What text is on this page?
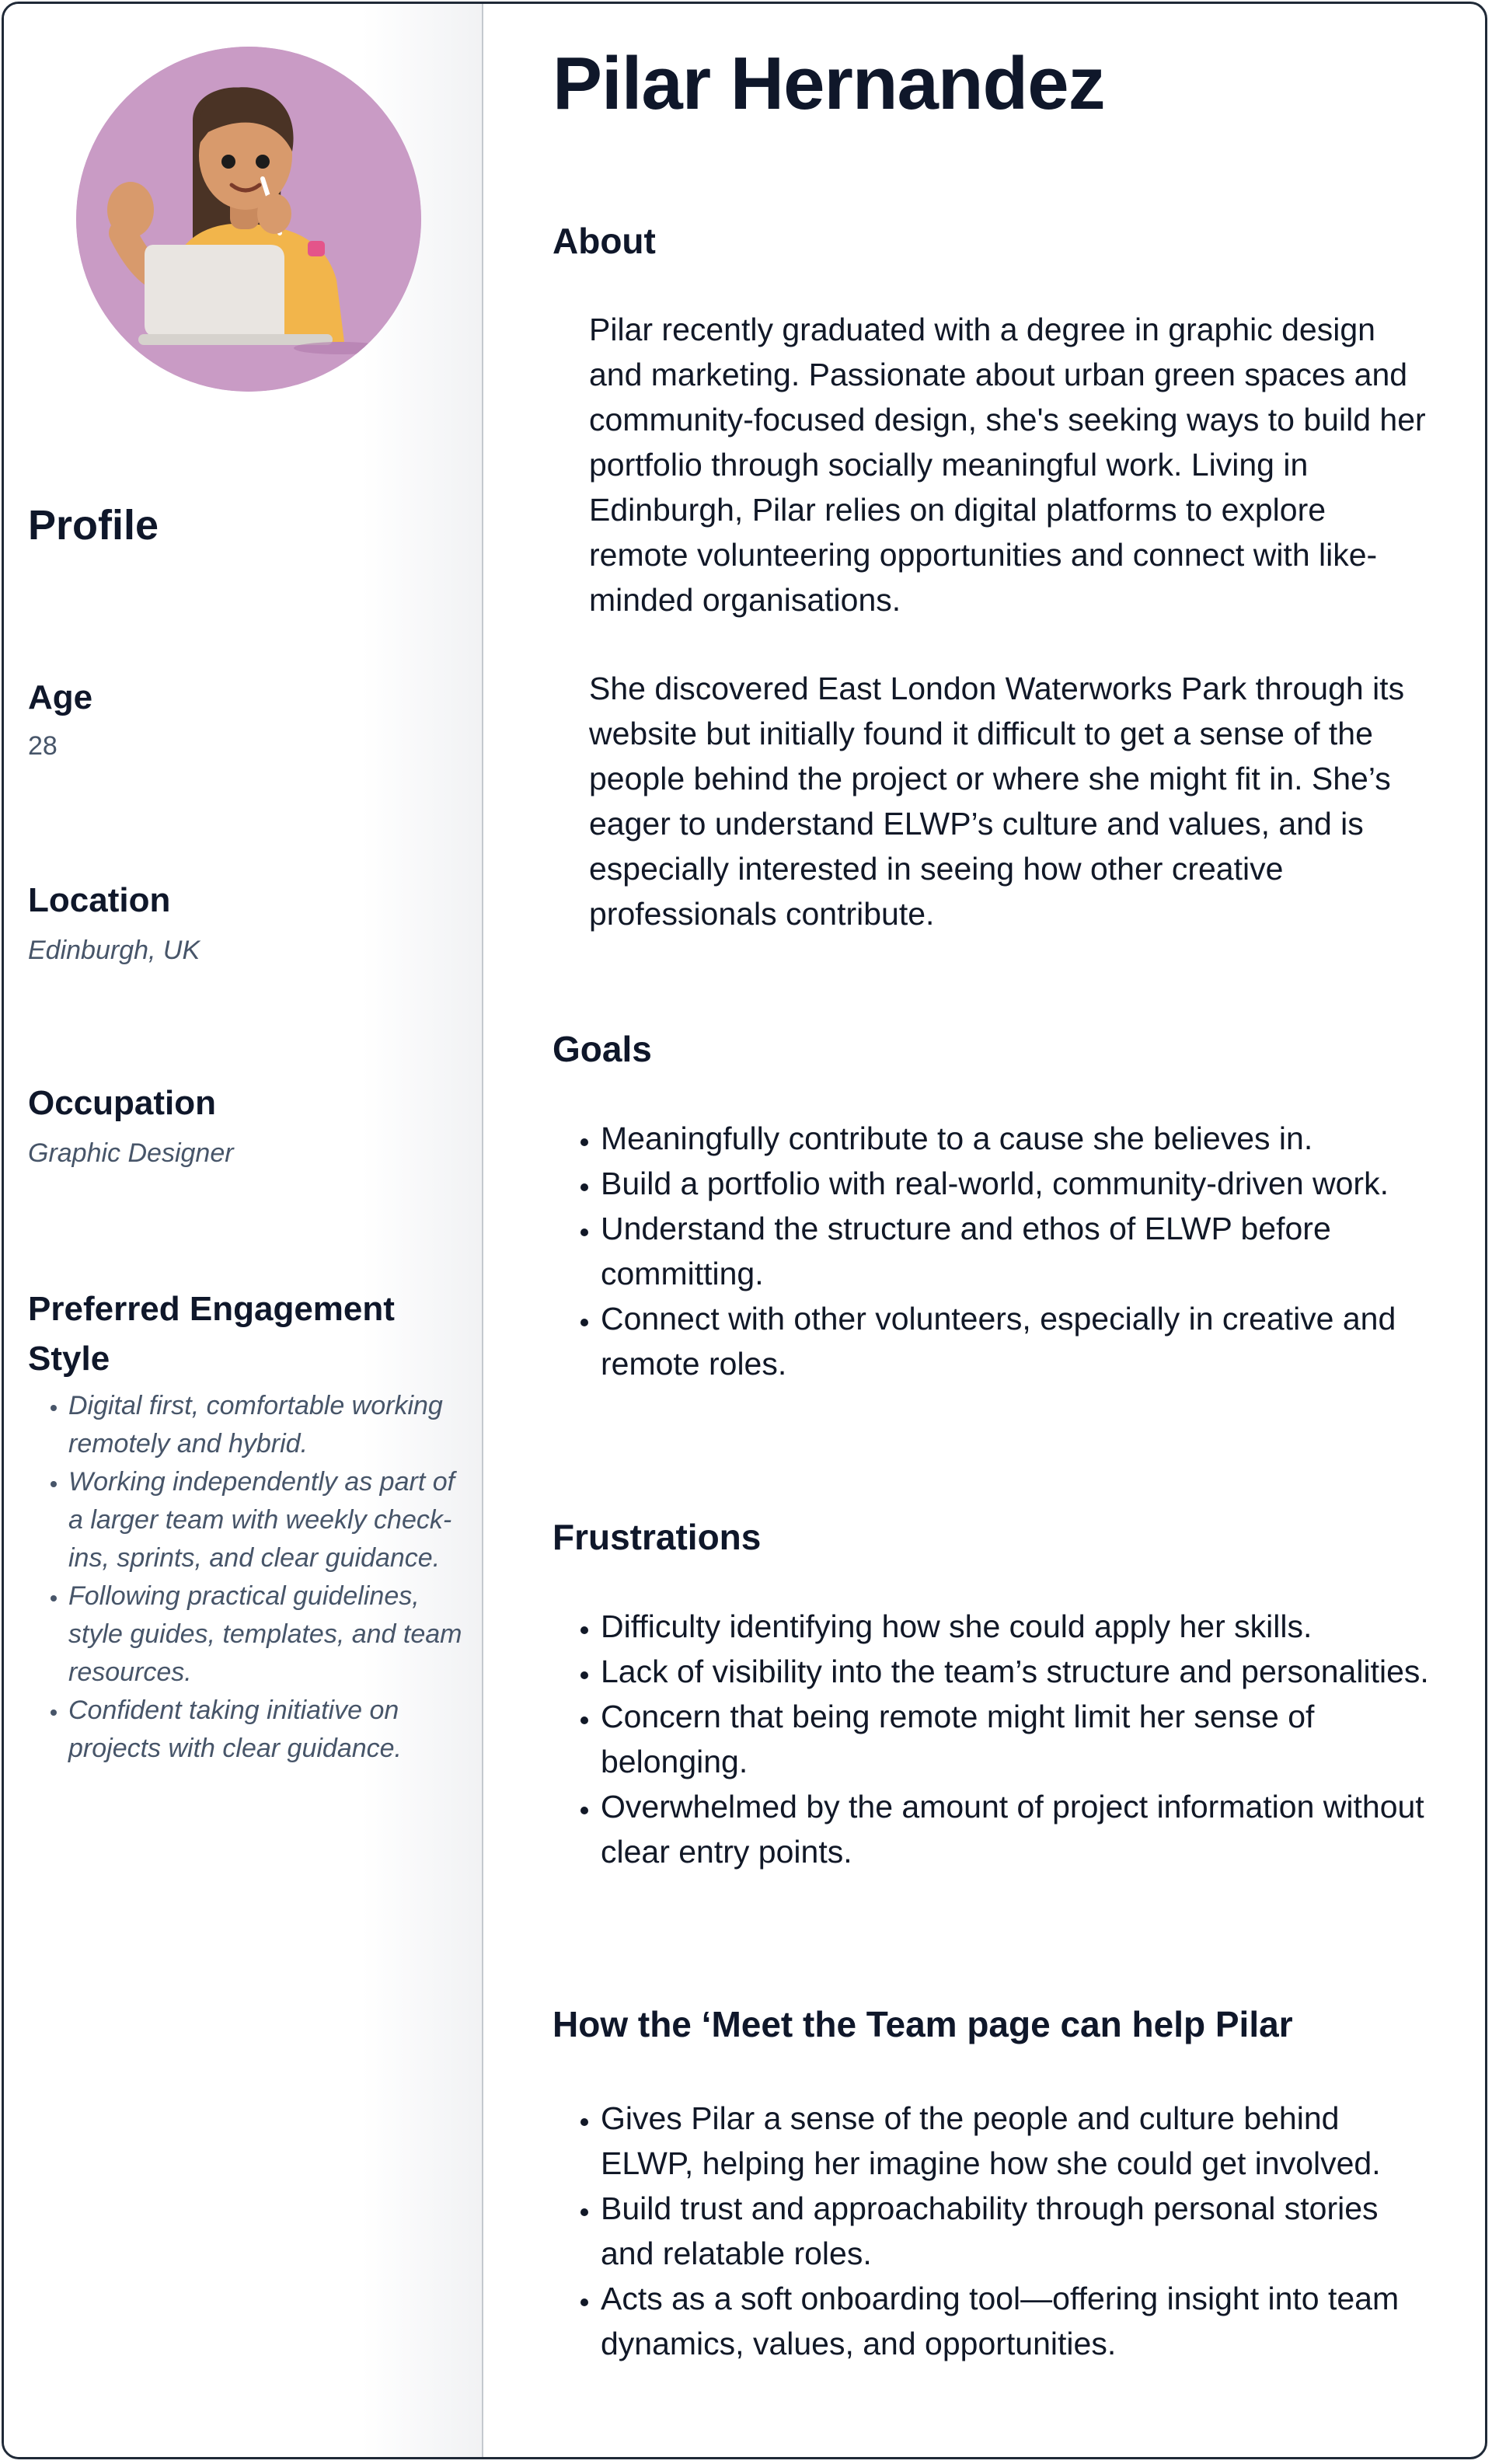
Profile
Age
28
Location
Edinburgh, UK
Occupation
Graphic Designer
Preferred Engagement Style
• Digital first, comfortable working remotely and hybrid.
• Working independently as part of a larger team with weekly check-ins, sprints, and clear guidance.
• Following practical guidelines, style guides, templates, and team resources.
• Confident taking initiative on projects with clear guidance.
Pilar Hernandez
About

Pilar recently graduated with a degree in graphic design and marketing. Passionate about urban green spaces and community-focused design, she's seeking ways to build her portfolio through socially meaningful work. Living in Edinburgh, Pilar relies on digital platforms to explore remote volunteering opportunities and connect with like-minded organisations.

She discovered East London Waterworks Park through its website but initially found it difficult to get a sense of the people behind the project or where she might fit in. She’s eager to understand ELWP’s culture and values, and is especially interested in seeing how other creative professionals contribute.

Goals
• Meaningfully contribute to a cause she believes in.
• Build a portfolio with real-world, community-driven work.
• Understand the structure and ethos of ELWP before committing.
• Connect with other volunteers, especially in creative and remote roles.
Frustrations
• Difficulty identifying how she could apply her skills.
• Lack of visibility into the team’s structure and personalities.
• Concern that being remote might limit her sense of belonging.
• Overwhelmed by the amount of project information without clear entry points.
How the ‘Meet the Team page can help Pilar
• Gives Pilar a sense of the people and culture behind ELWP, helping her imagine how she could get involved.
• Build trust and approachability through personal stories and relatable roles.
• Acts as a soft onboarding tool—offering insight into team dynamics, values, and opportunities.
